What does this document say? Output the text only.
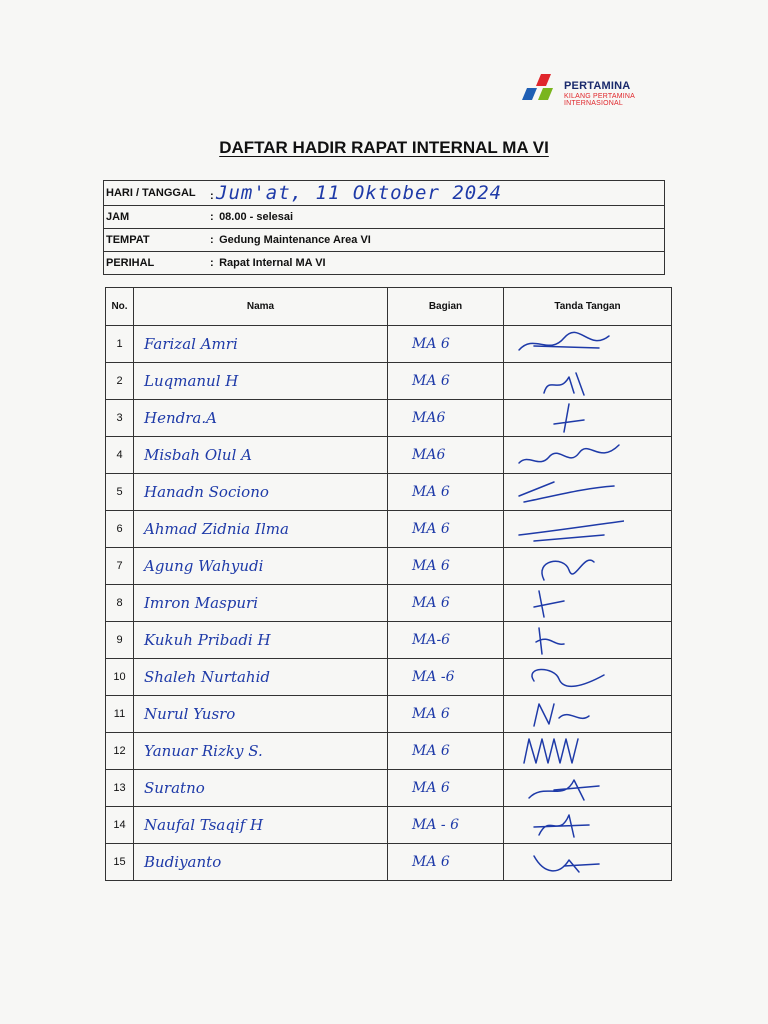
PERTAMINA
KILANG PERTAMINA INTERNASIONAL
DAFTAR HADIR RAPAT INTERNAL MA VI
HARI / TANGGAL	: Jum'at, 11 Oktober 2024
JAM	: 08.00 - selesai
TEMPAT	: Gedung Maintenance Area VI
PERIHAL	: Rapat Internal MA VI
No.	Nama	Bagian	Tanda Tangan
1	Farizal Amri	MA 6

2	Luqmanul H	MA 6

3	Hendra.A	MA6

4	Misbah Olul A	MA6

5	Hanadn Sociono	MA 6

6	Ahmad Zidnia Ilma	MA 6

7	Agung Wahyudi	MA 6

8	Imron Maspuri	MA 6

9	Kukuh Pribadi H	MA-6

10	Shaleh Nurtahid	MA -6

11	Nurul Yusro	MA 6

12	Yanuar Rizky S.	MA 6

13	Suratno	MA 6

14	Naufal Tsaqif H	MA - 6

15	Budiyanto	MA 6
